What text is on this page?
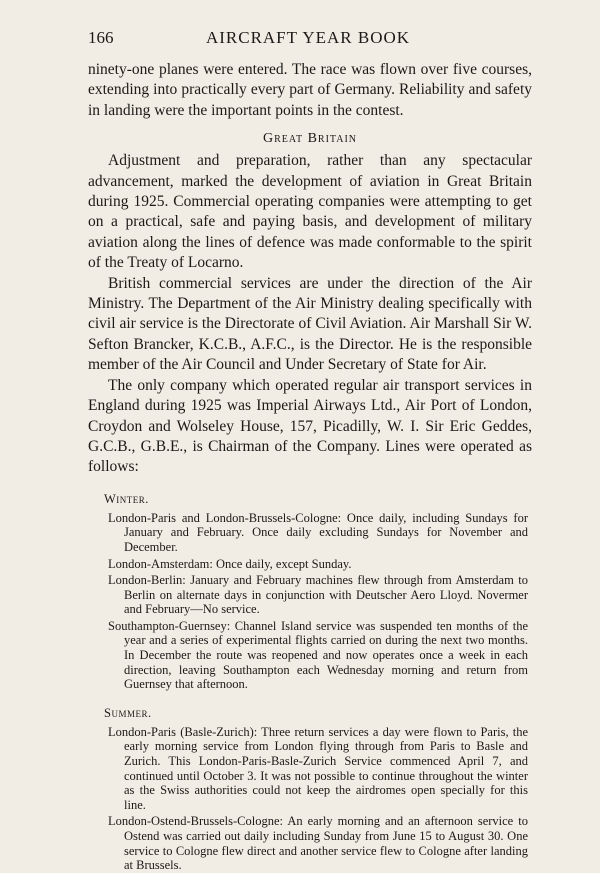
166	AIRCRAFT YEAR BOOK

ninety-one planes were entered. The race was flown over five courses, extending into practically every part of Germany. Reliability and safety in landing were the important points in the contest.

Great Britain

Adjustment and preparation, rather than any spectacular advancement, marked the development of aviation in Great Britain during 1925. Commercial operating companies were attempting to get on a practical, safe and paying basis, and development of military aviation along the lines of defence was made conformable to the spirit of the Treaty of Locarno.

British commercial services are under the direction of the Air Ministry. The Department of the Air Ministry dealing specifically with civil air service is the Directorate of Civil Aviation. Air Marshall Sir W. Sefton Brancker, K.C.B., A.F.C., is the Director. He is the responsible member of the Air Council and Under Secretary of State for Air.

The only company which operated regular air transport services in England during 1925 was Imperial Airways Ltd., Air Port of London, Croydon and Wolseley House, 157, Picadilly, W. I. Sir Eric Geddes, G.C.B., G.B.E., is Chairman of the Company. Lines were operated as follows:

Winter.

London-Paris and London-Brussels-Cologne: Once daily, including Sundays for January and February. Once daily excluding Sundays for November and December.

London-Amsterdam: Once daily, except Sunday.

London-Berlin: January and February machines flew through from Amsterdam to Berlin on alternate days in conjunction with Deutscher Aero Lloyd. Novermer and February—No service.

Southampton-Guernsey: Channel Island service was suspended ten months of the year and a series of experimental flights carried on during the next two months. In December the route was reopened and now operates once a week in each direction, leaving Southampton each Wednesday morning and return from Guernsey that afternoon.

Summer.

London-Paris (Basle-Zurich): Three return services a day were flown to Paris, the early morning service from London flying through from Paris to Basle and Zurich. This London-Paris-Basle-Zurich Service commenced April 7, and continued until October 3. It was not possible to continue throughout the winter as the Swiss authorities could not keep the airdromes open specially for this line.

London-Ostend-Brussels-Cologne: An early morning and an afternoon service to Ostend was carried out daily including Sunday from June 15 to August 30. One service to Cologne flew direct and another service flew to Cologne after landing at Brussels.
